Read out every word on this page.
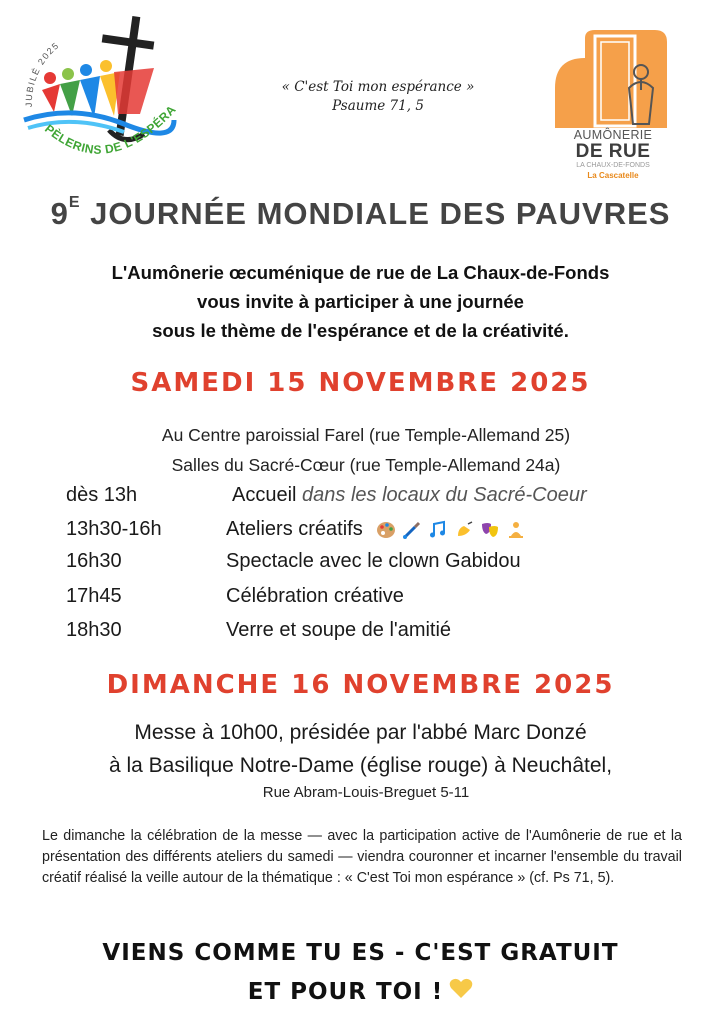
JUBILÉ 2025
PÈLERINS DE L'ESPÉRA
« C'est Toi mon espérance »
Psaume 71, 5
AUMÔNERIE
DE RUE
LA CHAUX-DE-FONDS
La Cascatelle
$9^E$ JOURNÉE MONDIALE DES PAUVRES
L'Aumônerie œcuménique de rue de La Chaux-de-Fonds
vous invite à participer à une journée
sous le thème de l'espérance et de la créativité.
SAMEDI 15 NOVEMBRE 2025
Au Centre paroissial Farel (rue Temple-Allemand 25)
Salles du Sacré-Cœur (rue Temple-Allemand 24a)
dès 13h	Accueil dans les locaux du Sacré-Coeur
13h30-16h	Ateliers créatifs
16h30	Spectacle avec le clown Gabidou
17h45	Célébration créative
18h30	Verre et soupe de l'amitié
DIMANCHE 16 NOVEMBRE 2025
Messe à 10h00, présidée par l'abbé Marc Donzé
à la Basilique Notre-Dame (église rouge) à Neuchâtel,
Rue Abram-Louis-Breguet 5-11
Le dimanche la célébration de la messe — avec la participation active de l'Aumônerie de rue et la présentation des différents ateliers du samedi — viendra couronner et incarner l'ensemble du travail créatif réalisé la veille autour de la thématique : « C'est Toi mon espérance » (cf. Ps 71, 5).
VIENS COMME TU ES - C'EST GRATUIT
ET POUR TOI !
